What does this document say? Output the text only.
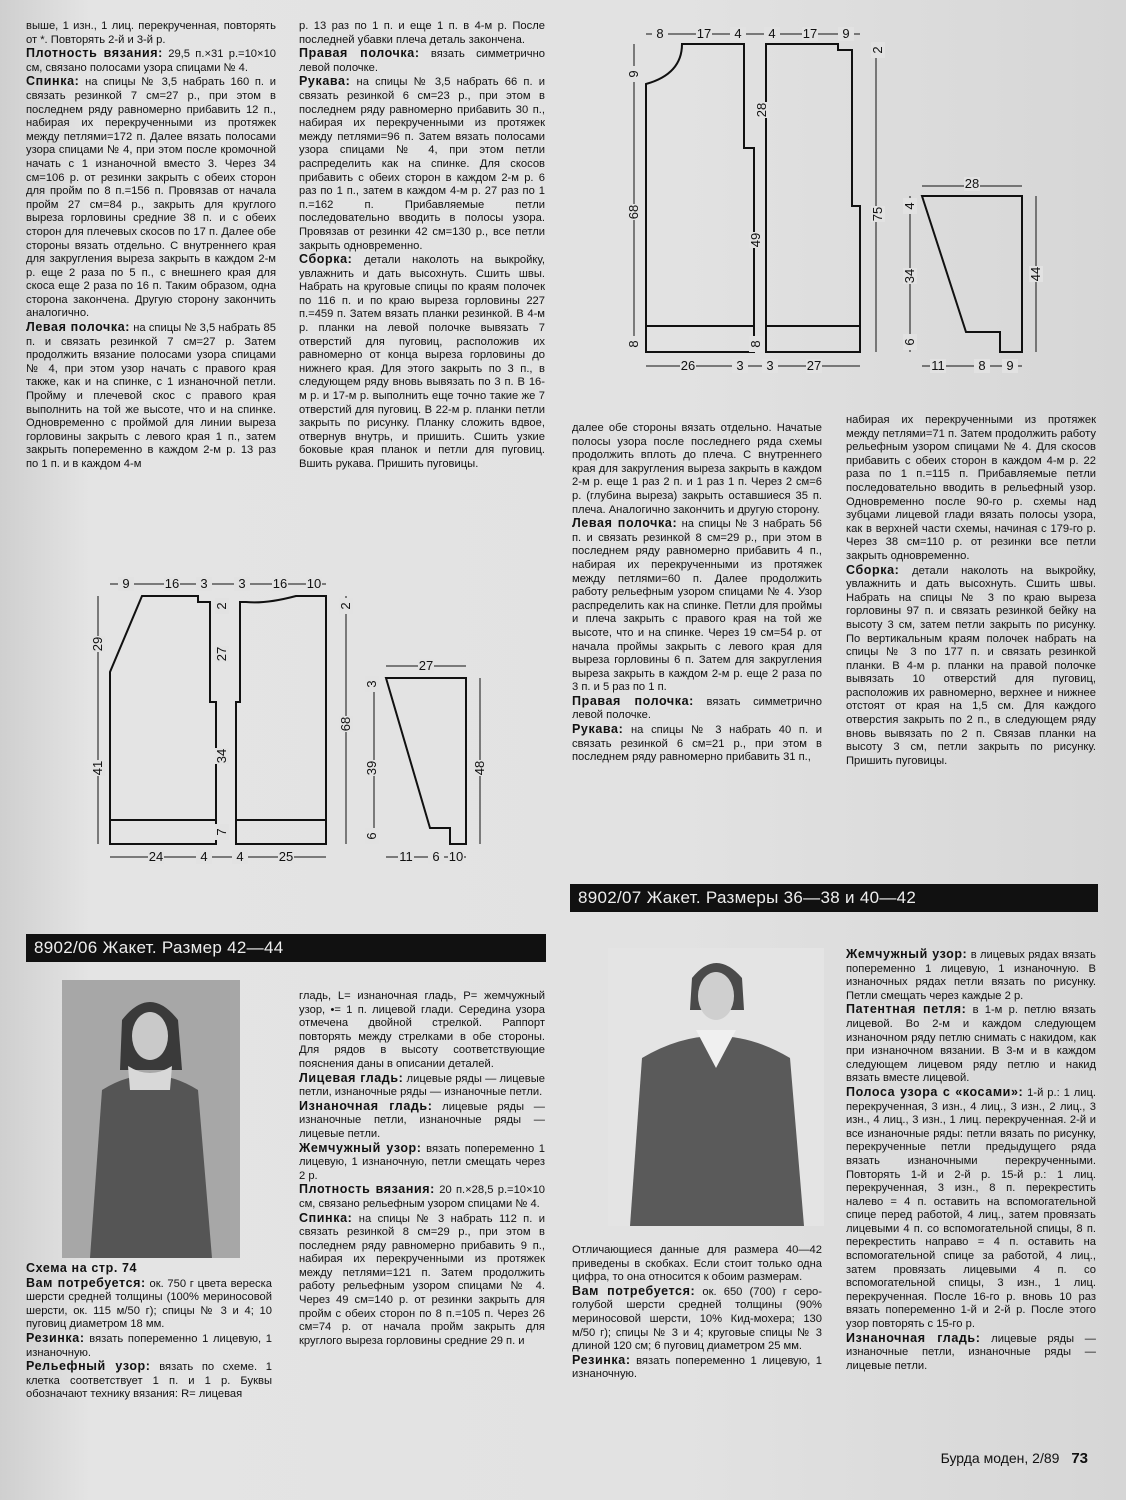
выше, 1 изн., 1 лиц. перекрученная, повторять от *. Повторять 2-й и 3-й р.

Плотность вязания: 29,5 п.×31 р.=10×10 см, связано полосами узора спицами № 4.

Спинка: на спицы № 3,5 набрать 160 п. и связать резинкой 7 см=27 р., при этом в последнем ряду равномерно прибавить 12 п., набирая их перекрученными из протяжек между петлями=172 п. Далее вязать полосами узора спицами № 4, при этом после кромочной начать с 1 изнаночной вместо 3. Через 34 см=106 р. от резинки закрыть с обеих сторон для пройм по 8 п.=156 п. Провязав от начала пройм 27 см=84 р., закрыть для круглого выреза горловины средние 38 п. и с обеих сторон для плечевых скосов по 17 п. Далее обе стороны вязать отдельно. С внутреннего края для закругления выреза закрыть в каждом 2-м р. еще 2 раза по 5 п., с внешнего края для скоса еще 2 раза по 16 п. Таким образом, одна сторона закончена. Другую сторону закончить аналогично.

Левая полочка: на спицы № 3,5 набрать 85 п. и связать резинкой 7 см=27 р. Затем продолжить вязание полосами узора спицами № 4, при этом узор начать с правого края также, как и на спинке, с 1 изнаночной петли. Пройму и плечевой скос с правого края выполнить на той же высоте, что и на спинке. Одновременно с проймой для линии выреза горловины закрыть с левого края 1 п., затем закрыть попеременно в каждом 2-м р. 13 раз по 1 п. и в каждом 4-м

р. 13 раз по 1 п. и еще 1 п. в 4-м р. После последней убавки плеча деталь закончена.

Правая полочка: вязать симметрично левой полочке.

Рукава: на спицы № 3,5 набрать 66 п. и связать резинкой 6 см=23 р., при этом в последнем ряду равномерно прибавить 30 п., набирая их перекрученными из протяжек между петлями=96 п. Затем вязать полосами узора спицами № 4, при этом петли распределить как на спинке. Для скосов прибавить с обеих сторон в каждом 2-м р. 6 раз по 1 п., затем в каждом 4-м р. 27 раз по 1 п.=162 п. Прибавляемые петли последовательно вводить в полосы узора. Провязав от резинки 42 см=130 р., все петли закрыть одновременно.

Сборка: детали наколоть на выкройку, увлажнить и дать высохнуть. Сшить швы. Набрать на круговые спицы по краям полочек по 116 п. и по краю выреза горловины 227 п.=459 п. Затем вязать планки резинкой. В 4-м р. планки на левой полочке вывязать 7 отверстий для пуговиц, расположив их равномерно от конца выреза горловины до нижнего края. Для этого закрыть по 3 п., в следующем ряду вновь вывязать по 3 п. В 16-м р. и 17-м р. выполнить еще точно такие же 7 отверстий для пуговиц. В 22-м р. планки петли закрыть по рисунку. Планку сложить вдвое, отвернув внутрь, и пришить. Сшить узкие боковые края планок и петли для пуговиц. Вшить рукава. Пришить пуговицы.

8	17 4 4 17 9
9
2
28
68
49
75
8	8
26	3 3	27
28
4
34	44
6
11	8 9
9	16 3 3 16 10
2	2
29
27
68
41
34
7
24	4 4	25
27
3
39	48
6
11 6 10

далее обе стороны вязать отдельно. Начатые полосы узора после последнего ряда схемы продолжить вплоть до плеча. С внутреннего края для закругления выреза закрыть в каждом 2-м р. еще 1 раз 2 п. и 1 раз 1 п. Через 2 см=6 р. (глубина выреза) закрыть оставшиеся 35 п. плеча. Аналогично закончить и другую сторону.

Левая полочка: на спицы № 3 набрать 56 п. и связать резинкой 8 см=29 р., при этом в последнем ряду равномерно прибавить 4 п., набирая их перекрученными из протяжек между петлями=60 п. Далее продолжить работу рельефным узором спицами № 4. Узор распределить как на спинке. Петли для проймы и плеча закрыть с правого края на той же высоте, что и на спинке. Через 19 см=54 р. от начала проймы закрыть с левого края для выреза горловины 6 п. Затем для закругления выреза закрыть в каждом 2-м р. еще 2 раза по 3 п. и 5 раз по 1 п.

Правая полочка: вязать симметрично левой полочке.

Рукава: на спицы № 3 набрать 40 п. и связать резинкой 6 см=21 р., при этом в последнем ряду равномерно прибавить 31 п.,

набирая их перекрученными из протяжек между петлями=71 п. Затем продолжить работу рельефным узором спицами № 4. Для скосов прибавить с обеих сторон в каждом 4-м р. 22 раза по 1 п.=115 п. Прибавляемые петли последовательно вводить в рельефный узор. Одновременно после 90-го р. схемы над зубцами лицевой глади вязать полосы узора, как в верхней части схемы, начиная с 179-го р. Через 38 см=110 р. от резинки все петли закрыть одновременно.

Сборка: детали наколоть на выкройку, увлажнить и дать высохнуть. Сшить швы. Набрать на спицы № 3 по краю выреза горловины 97 п. и связать резинкой бейку на высоту 3 см, затем петли закрыть по рисунку. По вертикальным краям полочек набрать на спицы № 3 по 177 п. и связать резинкой планки. В 4-м р. планки на правой полочке вывязать 10 отверстий для пуговиц, расположив их равномерно, верхнее и нижнее отстоят от края на 1,5 см. Для каждого отверстия закрыть по 2 п., в следующем ряду вновь вывязать по 2 п. Связав планки на высоту 3 см, петли закрыть по рисунку. Пришить пуговицы.

8902/07 Жакет. Размеры 36—38 и 40—42
8902/06 Жакет. Размер 42—44

Схема на стр. 74

Вам потребуется: ок. 750 г цвета вереска шерсти средней толщины (100% мериносовой шерсти, ок. 115 м/50 г); спицы № 3 и 4; 10 пуговиц диаметром 18 мм.

Резинка: вязать попеременно 1 лицевую, 1 изнаночную.

Рельефный узор: вязать по схеме. 1 клетка соответствует 1 п. и 1 р. Буквы обозначают технику вязания: R= лицевая

гладь, L= изнаночная гладь, P= жемчужный узор, •= 1 п. лицевой глади. Середина узора отмечена двойной стрелкой. Раппорт повторять между стрелками в обе стороны. Для рядов в высоту соответствующие пояснения даны в описании деталей.

Лицевая гладь: лицевые ряды — лицевые петли, изнаночные ряды — изнаночные петли.

Изнаночная гладь: лицевые ряды — изнаночные петли, изнаночные ряды — лицевые петли.

Жемчужный узор: вязать попеременно 1 лицевую, 1 изнаночную, петли смещать через 2 р.

Плотность вязания: 20 п.×28,5 р.=10×10 см, связано рельефным узором спицами № 4.

Спинка: на спицы № 3 набрать 112 п. и связать резинкой 8 см=29 р., при этом в последнем ряду равномерно прибавить 9 п., набирая их перекрученными из протяжек между петлями=121 п. Затем продолжить работу рельефным узором спицами № 4. Через 49 см=140 р. от резинки закрыть для пройм с обеих сторон по 8 п.=105 п. Через 26 см=74 р. от начала пройм закрыть для круглого выреза горловины средние 29 п. и

Отличающиеся данные для размера 40—42 приведены в скобках. Если стоит только одна цифра, то она относится к обоим размерам.

Вам потребуется: ок. 650 (700) г серо-голубой шерсти средней толщины (90% мериносовой шерсти, 10% Кид-мохера; 130 м/50 г); спицы № 3 и 4; круговые спицы № 3 длиной 120 см; 6 пуговиц диаметром 25 мм.

Резинка: вязать попеременно 1 лицевую, 1 изнаночную.

Жемчужный узор: в лицевых рядах вязать попеременно 1 лицевую, 1 изнаночную. В изнаночных рядах петли вязать по рисунку. Петли смещать через каждые 2 р.

Патентная петля: в 1-м р. петлю вязать лицевой. Во 2-м и каждом следующем изнаночном ряду петлю снимать с накидом, как при изнаночном вязании. В 3-м и в каждом следующем лицевом ряду петлю и накид вязать вместе лицевой.

Полоса узора с «косами»: 1-й р.: 1 лиц. перекрученная, 3 изн., 4 лиц., 3 изн., 2 лиц., 3 изн., 4 лиц., 3 изн., 1 лиц. перекрученная. 2-й и все изнаночные ряды: петли вязать по рисунку, перекрученные петли предыдущего ряда вязать изнаночными перекрученными. Повторять 1-й и 2-й р. 15-й р.: 1 лиц. перекрученная, 3 изн., 8 п. перекрестить налево = 4 п. оставить на вспомогательной спице перед работой, 4 лиц., затем провязать лицевыми 4 п. со вспомогательной спицы, 8 п. перекрестить направо = 4 п. оставить на вспомогательной спице за работой, 4 лиц., затем провязать лицевыми 4 п. со вспомогательной спицы, 3 изн., 1 лиц. перекрученная. После 16-го р. вновь 10 раз вязать попеременно 1-й и 2-й р. После этого узор повторять с 15-го р.

Изнаночная гладь: лицевые ряды — изнаночные петли, изнаночные ряды — лицевые петли.

Бурда моден, 2/89 73
